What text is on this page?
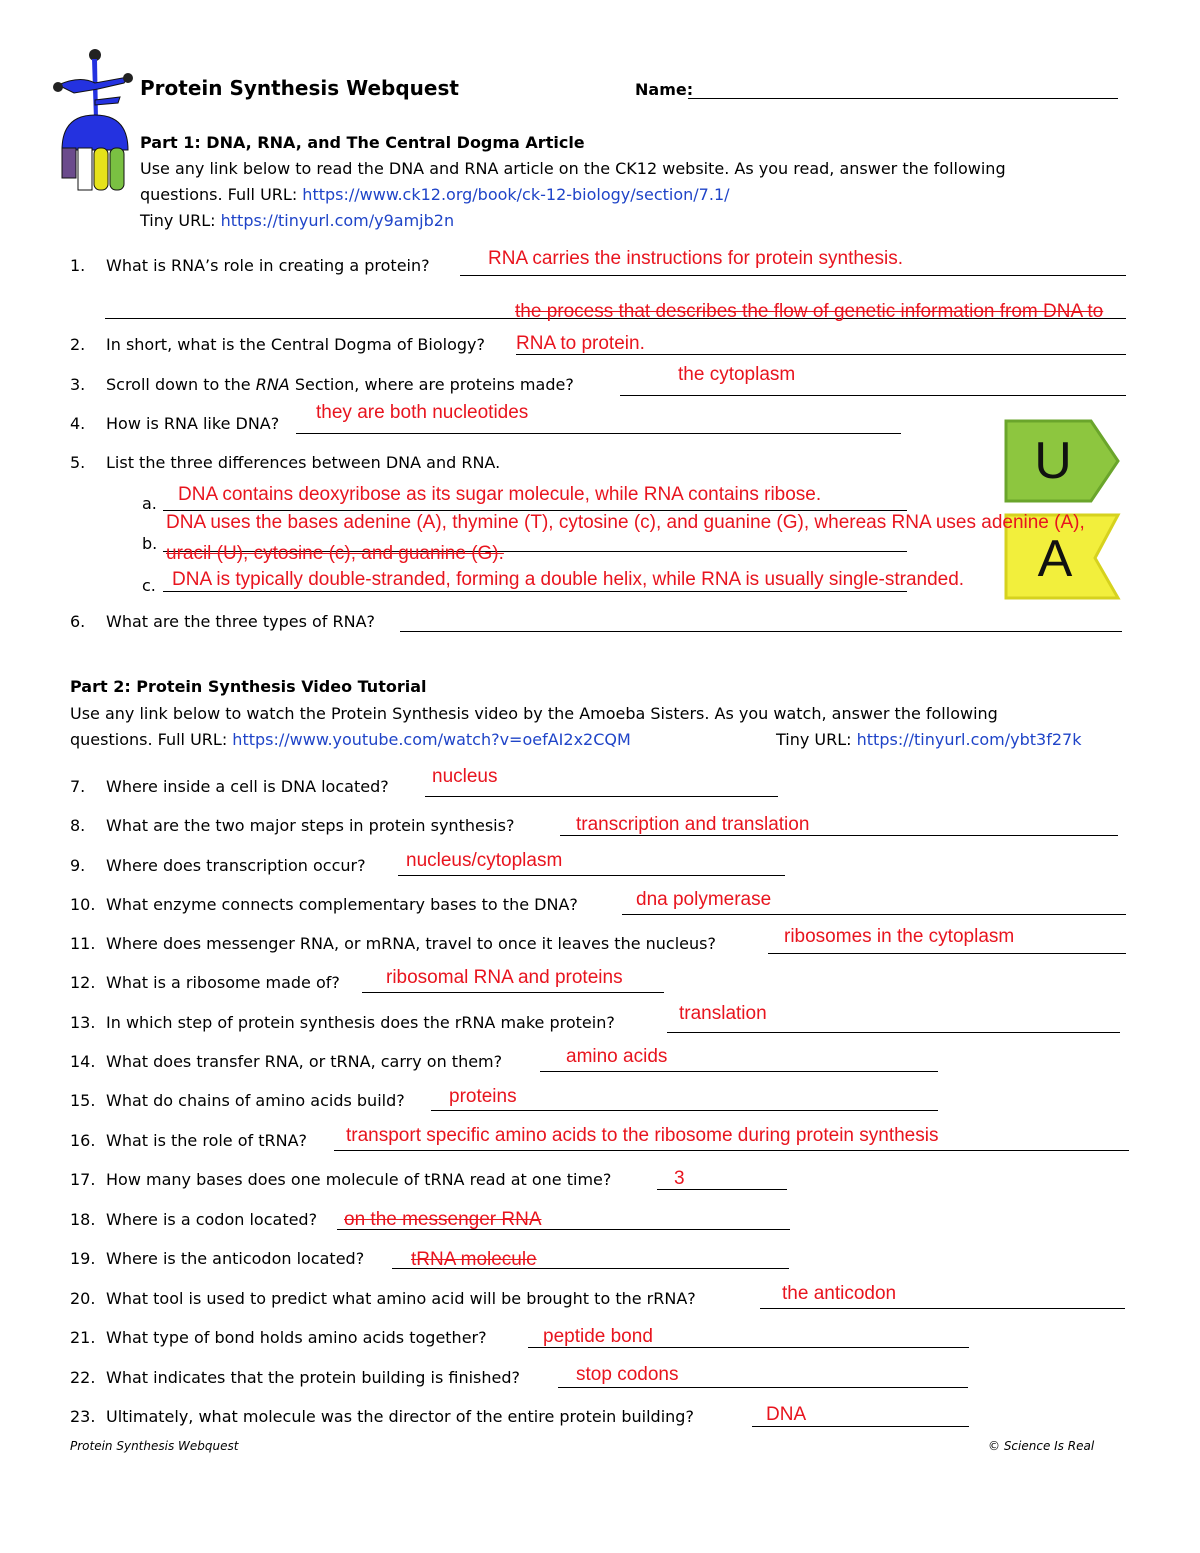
Protein Synthesis Webquest	Name:
Part 1: DNA, RNA, and The Central Dogma Article
Use any link below to read the DNA and RNA article on the CK12 website. As you read, answer the following
questions. Full URL: https://www.ck12.org/book/ck-12-biology/section/7.1/
Tiny URL: https://tinyurl.com/y9amjb2n
1. What is RNA’s role in creating a protein?	RNA carries the instructions for protein synthesis.
the process that describes the flow of genetic information from DNA to
2. In short, what is the Central Dogma of Biology? RNA to protein.
3. Scroll down to the RNA Section, where are proteins made?	the cytoplasm
4. How is RNA like DNA?
they are both nucleotides
U
A
5. List the three differences between DNA and RNA.
a. DNA contains deoxyribose as its sugar molecule, while RNA contains ribose.
b.
DNA uses the bases adenine (A), thymine (T), cytosine (c), and guanine (G), whereas RNA uses adenine (A),
uracil (U), cytosine (c), and guanine (G).
c. DNA is typically double-stranded, forming a double helix, while RNA is usually single-stranded.
6. What are the three types of RNA?
Part 2: Protein Synthesis Video Tutorial
Use any link below to watch the Protein Synthesis video by the Amoeba Sisters. As you watch, answer the following
questions. Full URL: https://www.youtube.com/watch?v=oefAI2x2CQM	Tiny URL: https://tinyurl.com/ybt3f27k
7. Where inside a cell is DNA located? nucleus
8. What are the two major steps in protein synthesis?	transcription and translation
9. Where does transcription occur? nucleus/cytoplasm
10. What enzyme connects complementary bases to the DNA?	dna polymerase
11. Where does messenger RNA, or mRNA, travel to once it leaves the nucleus?	ribosomes in the cytoplasm
12. What is a ribosome made of? ribosomal RNA and proteins
13. In which step of protein synthesis does the rRNA make protein?	translation
14. What does transfer RNA, or tRNA, carry on them?	amino acids
15. What do chains of amino acids build? proteins
16. What is the role of tRNA? transport specific amino acids to the ribosome during protein synthesis
17. How many bases does one molecule of tRNA read at one time?	3
18. Where is a codon located? on the messenger RNA
19. Where is the anticodon located? tRNA molecule
20. What tool is used to predict what amino acid will be brought to the rRNA?	the anticodon
21. What type of bond holds amino acids together?	peptide bond
22. What indicates that the protein building is finished?	stop codons
23. Ultimately, what molecule was the director of the entire protein building?	DNA
Protein Synthesis Webquest	© Science Is Real
